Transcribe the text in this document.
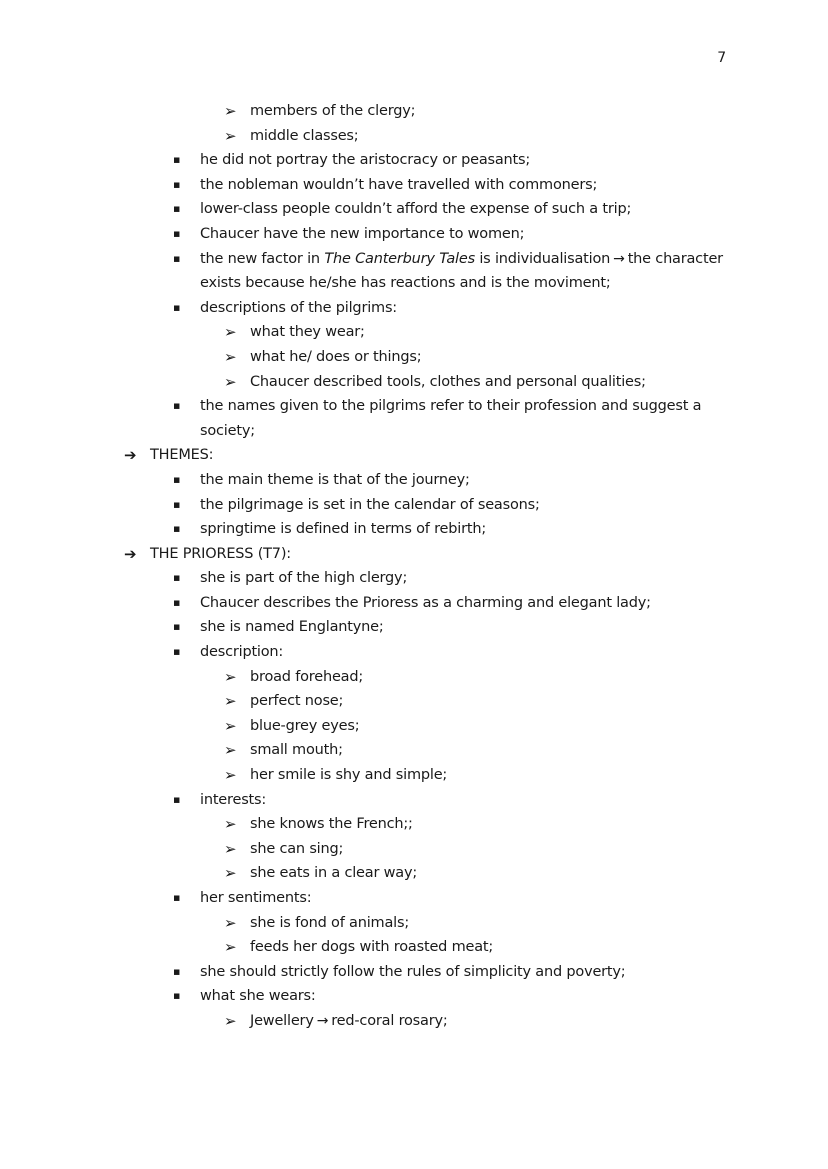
7
➢ members of the clergy;
➢ middle classes;
▪ he did not portray the aristocracy or peasants;
▪ the nobleman wouldn’t have travelled with commoners;
▪ lower-class people couldn’t afford the expense of such a trip;
▪ Chaucer have the new importance to women;
▪ the new factor in The Canterbury Tales is individualisation → the character
exists because he/she has reactions and is the moviment;
▪ descriptions of the pilgrims:
➢ what they wear;
➢ what he/ does or things;
➢ Chaucer described tools, clothes and personal qualities;
▪ the names given to the pilgrims refer to their profession and suggest a
society;
➔ THEMES:
▪ the main theme is that of the journey;
▪ the pilgrimage is set in the calendar of seasons;
▪ springtime is defined in terms of rebirth;
➔ THE PRIORESS (T7):
▪ she is part of the high clergy;
▪ Chaucer describes the Prioress as a charming and elegant lady;
▪ she is named Englantyne;
▪ description:
➢ broad forehead;
➢ perfect nose;
➢ blue-grey eyes;
➢ small mouth;
➢ her smile is shy and simple;
▪ interests:
➢ she knows the French;;
➢ she can sing;
➢ she eats in a clear way;
▪ her sentiments:
➢ she is fond of animals;
➢ feeds her dogs with roasted meat;
▪ she should strictly follow the rules of simplicity and poverty;
▪ what she wears:
➢ Jewellery → red-coral rosary;
